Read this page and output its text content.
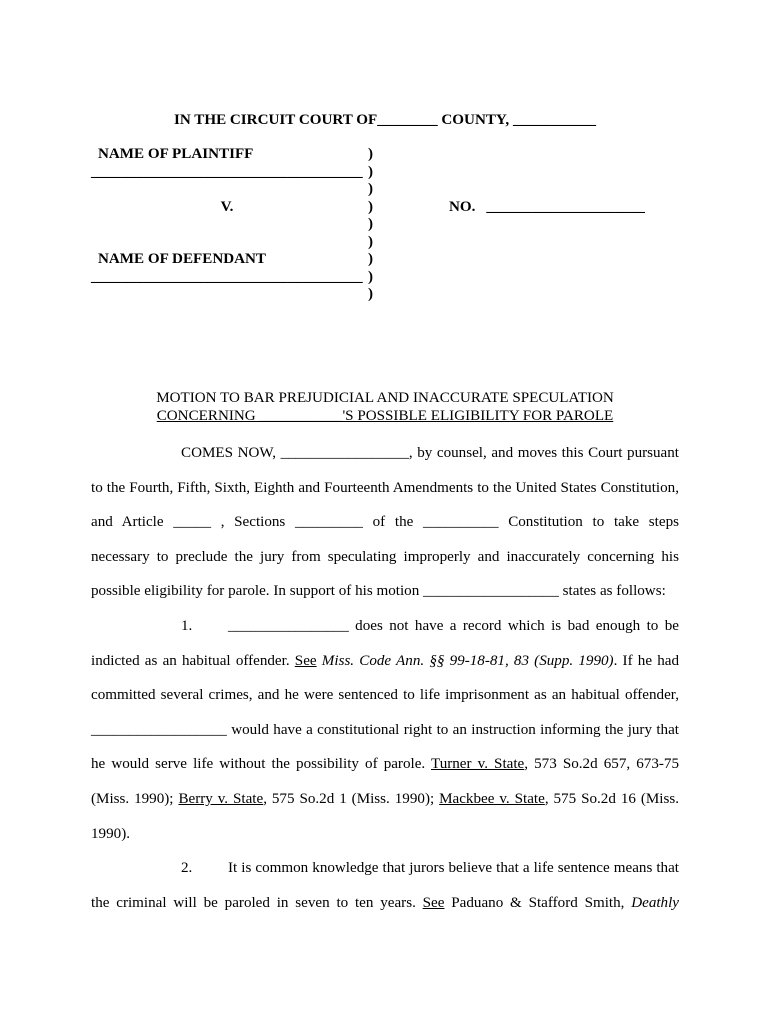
IN THE CIRCUIT COURT OF________ COUNTY, ___________
NAME OF PLAINTIFF
____________________________________
V.
NAME OF DEFENDANT
____________________________________
)
)
)
)
)
)
)
)
)
NO. _____________________
MOTION TO BAR PREJUDICIAL AND INACCURATE SPECULATION
CONCERNING ___________'S POSSIBLE ELIGIBILITY FOR PAROLE
COMES NOW, _________________, by counsel, and moves this Court pursuant
to the Fourth, Fifth, Sixth, Eighth and Fourteenth Amendments to the United States Constitution,
and Article _____ , Sections _________ of the __________ Constitution to take steps
necessary to preclude the jury from speculating improperly and inaccurately concerning his
possible eligibility for parole. In support of his motion __________________ states as follows:
1. ________________ does not have a record which is bad enough to be
indicted as an habitual offender. See Miss. Code Ann. §§ 99-18-81, 83 (Supp. 1990). If he had
committed several crimes, and he were sentenced to life imprisonment as an habitual offender,
__________________ would have a constitutional right to an instruction informing the jury that
he would serve life without the possibility of parole. Turner v. State, 573 So.2d 657, 673-75
(Miss. 1990); Berry v. State, 575 So.2d 1 (Miss. 1990); Mackbee v. State, 575 So.2d 16 (Miss.
1990).
2. It is common knowledge that jurors believe that a life sentence means that
the criminal will be paroled in seven to ten years. See Paduano & Stafford Smith, Deathly
